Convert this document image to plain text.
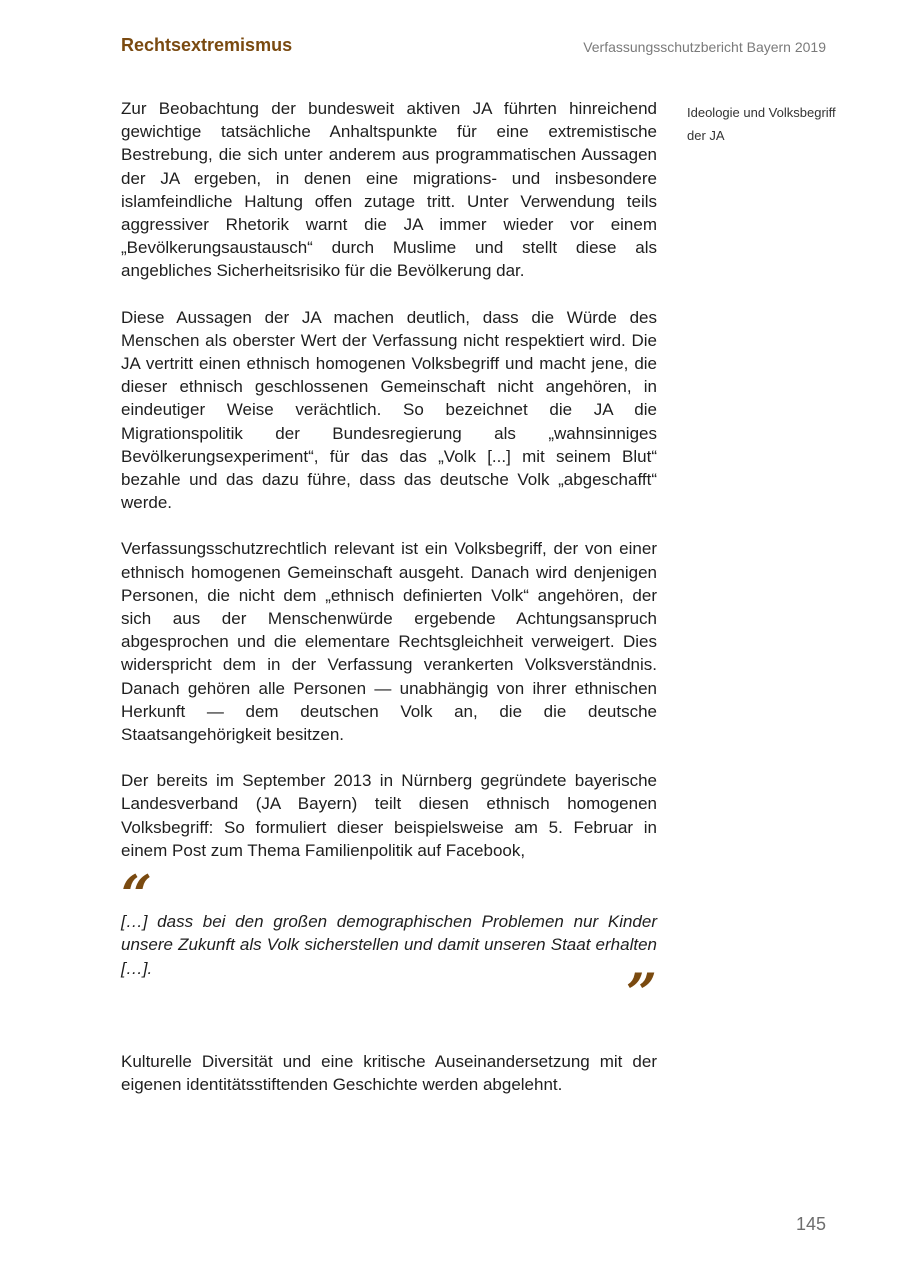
Rechtsextremismus	Verfassungsschutzbericht Bayern 2019
Ideologie und Volksbegriff der JA

Zur Beobachtung der bundesweit aktiven JA führten hinreichend gewichtige tatsächliche Anhaltspunkte für eine extremistische Bestrebung, die sich unter anderem aus programmatischen Aussagen der JA ergeben, in denen eine migrations- und insbesondere islamfeindliche Haltung offen zutage tritt. Unter Verwendung teils aggressiver Rhetorik warnt die JA immer wieder vor einem „Bevölkerungsaustausch“ durch Muslime und stellt diese als angebliches Sicherheitsrisiko für die Bevölkerung dar.

Diese Aussagen der JA machen deutlich, dass die Würde des Menschen als oberster Wert der Verfassung nicht respektiert wird. Die JA vertritt einen ethnisch homogenen Volksbegriff und macht jene, die dieser ethnisch geschlossenen Gemeinschaft nicht angehören, in eindeutiger Weise verächtlich. So bezeichnet die JA die Migrationspolitik der Bundesregierung als „wahnsinniges Bevölkerungsexperiment“, für das das „Volk [...] mit seinem Blut“ bezahle und das dazu führe, dass das deutsche Volk „abgeschafft“ werde.

Verfassungsschutzrechtlich relevant ist ein Volksbegriff, der von einer ethnisch homogenen Gemeinschaft ausgeht. Danach wird denjenigen Personen, die nicht dem „ethnisch definierten Volk“ angehören, der sich aus der Menschenwürde ergebende Achtungsanspruch abgesprochen und die elementare Rechtsgleichheit verweigert. Dies widerspricht dem in der Verfassung verankerten Volksverständnis. Danach gehören alle Personen — unabhängig von ihrer ethnischen Herkunft — dem deutschen Volk an, die die deutsche Staatsangehörigkeit besitzen.

Der bereits im September 2013 in Nürnberg gegründete bayerische Landesverband (JA Bayern) teilt diesen ethnisch homogenen Volksbegriff: So formuliert dieser beispielsweise am 5. Februar in einem Post zum Thema Familienpolitik auf Facebook,

“

[…] dass bei den großen demographischen Problemen nur Kinder unsere Zukunft als Volk sicherstellen und damit unseren Staat erhalten […].	”

Kulturelle Diversität und eine kritische Auseinandersetzung mit der eigenen identitätsstiftenden Geschichte werden abgelehnt.

145
